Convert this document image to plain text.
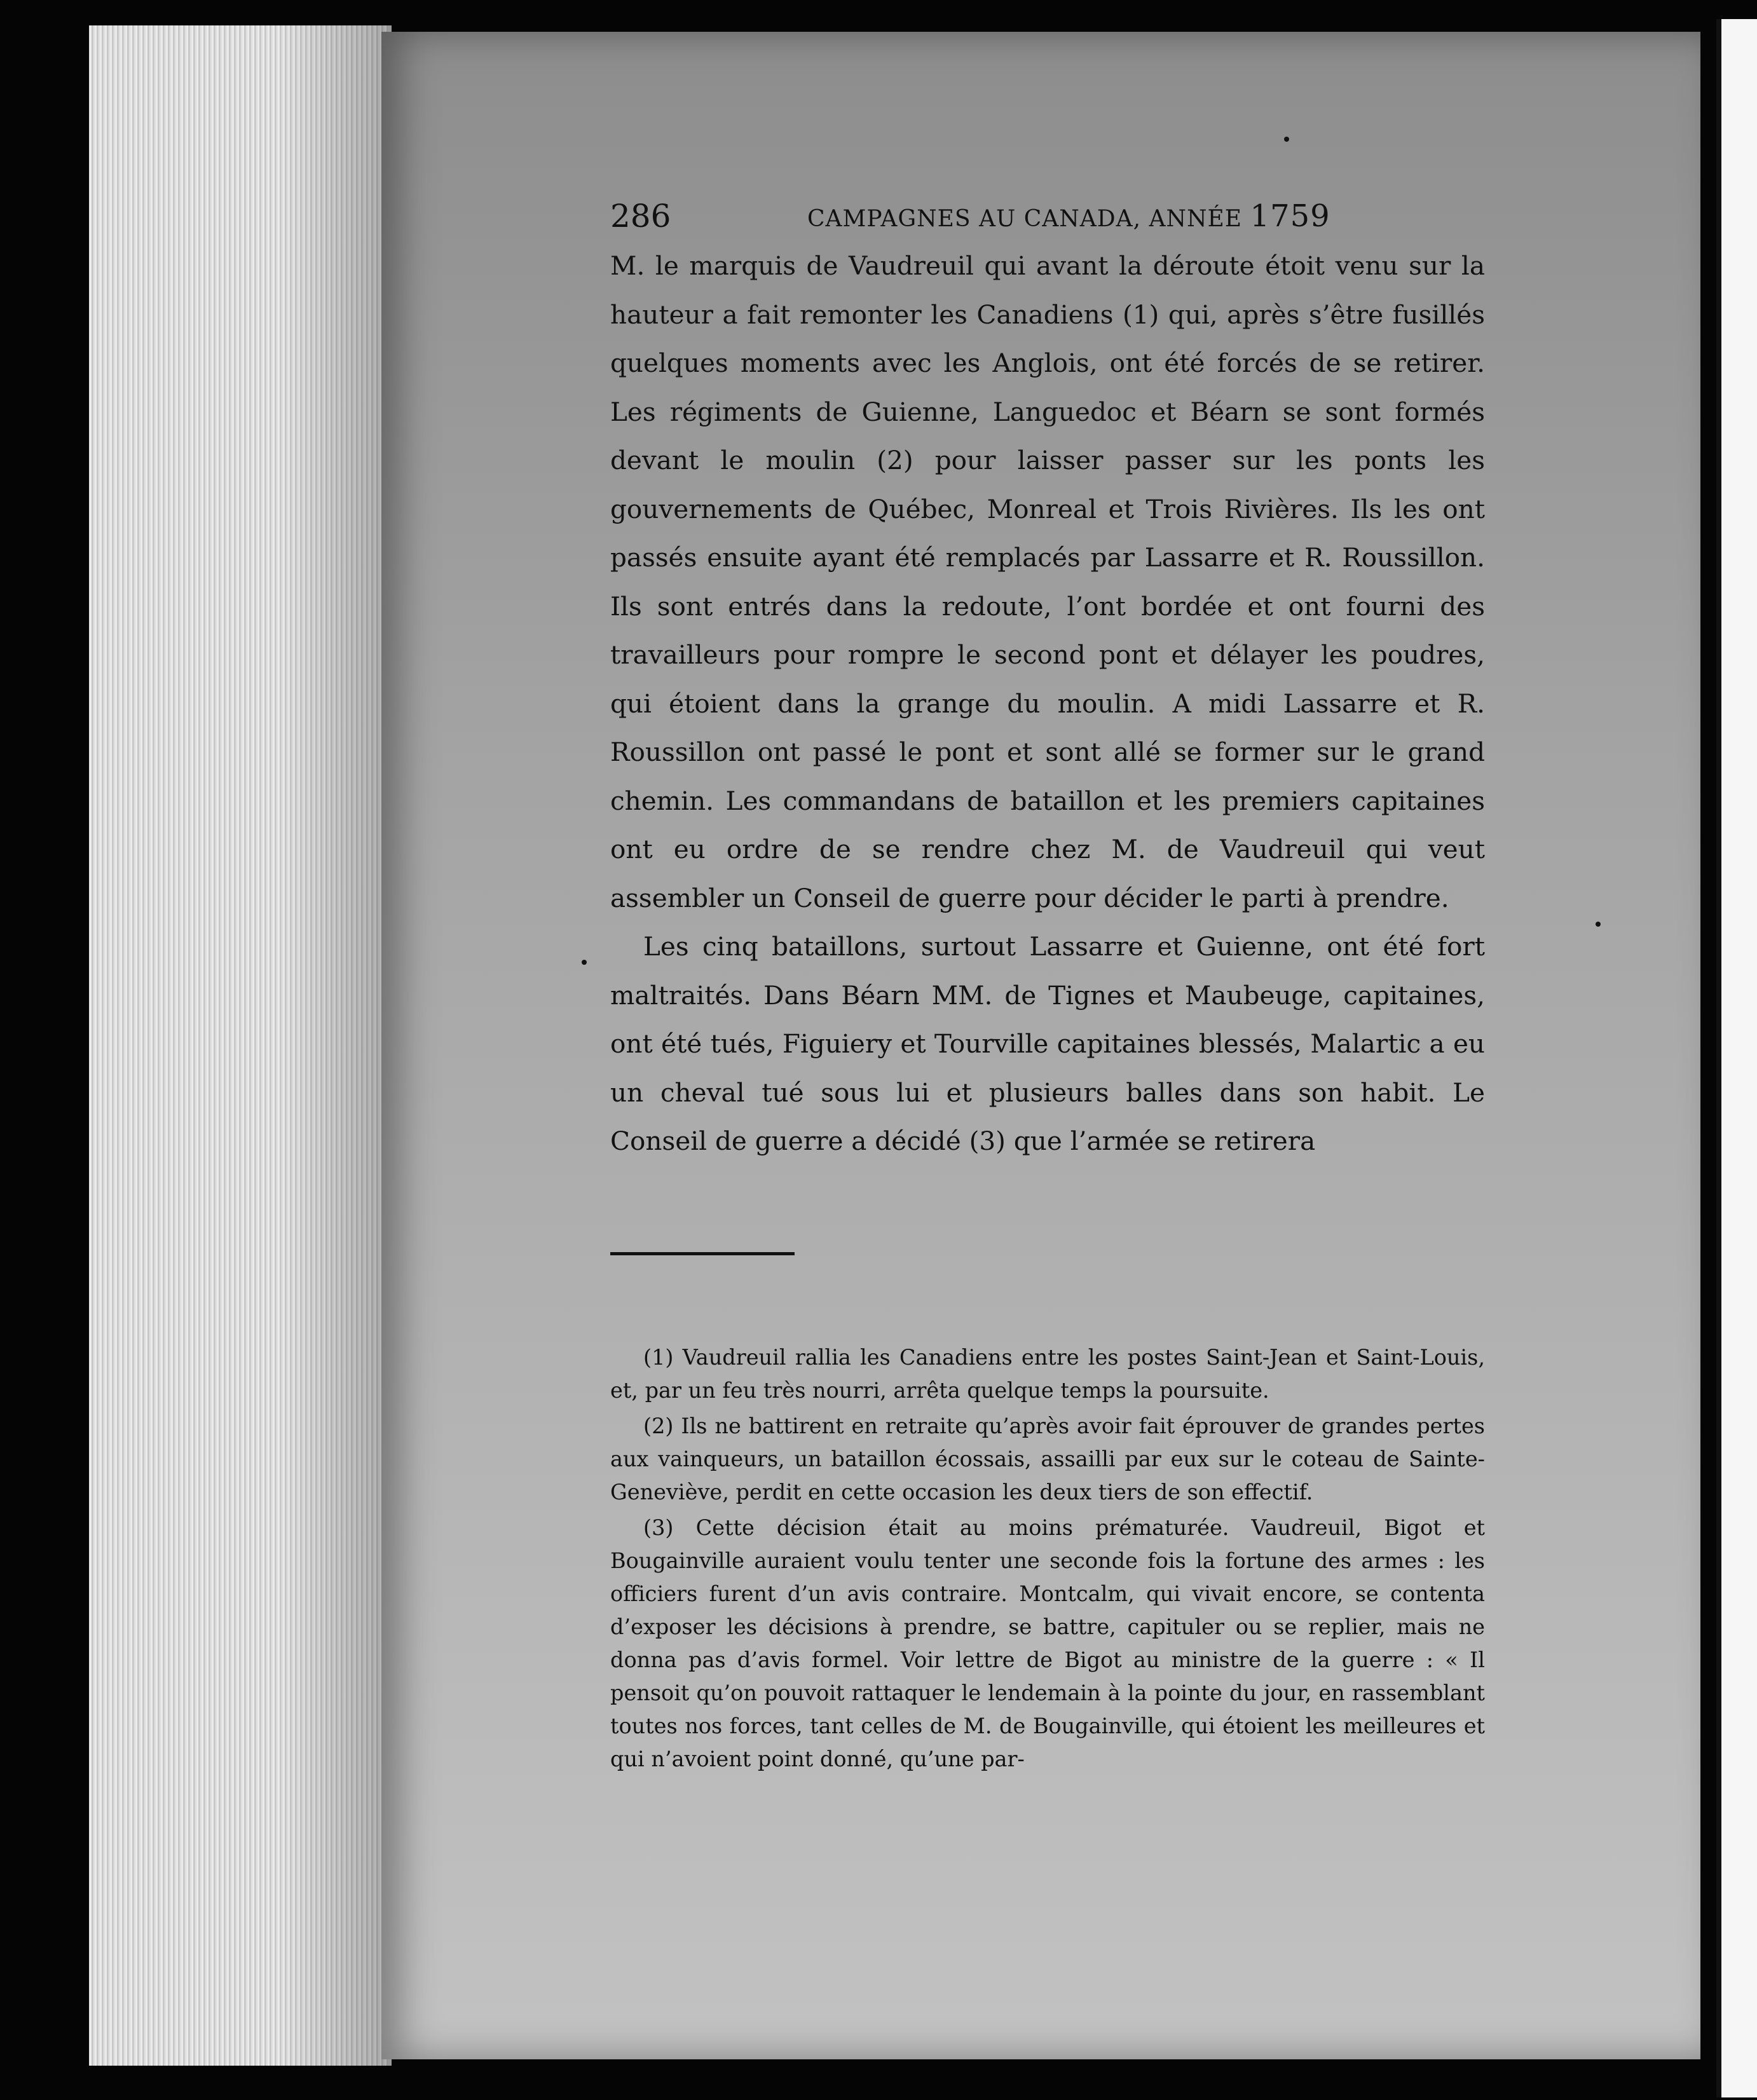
286	CAMPAGNES AU CANADA, ANNÉE 1759

M. le marquis de Vaudreuil qui avant la déroute étoit venu sur la hauteur a fait remonter les Canadiens (1) qui, après s’être fusillés quelques moments avec les Anglois, ont été forcés de se retirer. Les régiments de Guienne, Languedoc et Béarn se sont formés devant le moulin (2) pour laisser passer sur les ponts les gouvernements de Québec, Monreal et Trois Rivières. Ils les ont passés ensuite ayant été remplacés par Lassarre et R. Roussillon. Ils sont entrés dans la redoute, l’ont bordée et ont fourni des travailleurs pour rompre le second pont et délayer les poudres, qui étoient dans la grange du moulin. A midi Lassarre et R. Roussillon ont passé le pont et sont allé se former sur le grand chemin. Les commandans de bataillon et les premiers capitaines ont eu ordre de se rendre chez M. de Vaudreuil qui veut assembler un Conseil de guerre pour décider le parti à prendre.

Les cinq bataillons, surtout Lassarre et Guienne, ont été fort maltraités. Dans Béarn MM. de Tignes et Maubeuge, capitaines, ont été tués, Figuiery et Tourville capitaines blessés, Malartic a eu un cheval tué sous lui et plusieurs balles dans son habit. Le Conseil de guerre a décidé (3) que l’armée se retirera

(1) Vaudreuil rallia les Canadiens entre les postes Saint-Jean et Saint-Louis, et, par un feu très nourri, arrêta quelque temps la poursuite.

(2) Ils ne battirent en retraite qu’après avoir fait éprouver de grandes pertes aux vainqueurs, un bataillon écossais, assailli par eux sur le coteau de Sainte-Geneviève, perdit en cette occasion les deux tiers de son effectif.

(3) Cette décision était au moins prématurée. Vaudreuil, Bigot et Bougainville auraient voulu tenter une seconde fois la fortune des armes : les officiers furent d’un avis contraire. Montcalm, qui vivait encore, se contenta d’exposer les décisions à prendre, se battre, capituler ou se replier, mais ne donna pas d’avis formel. Voir lettre de Bigot au ministre de la guerre : « Il pensoit qu’on pouvoit rattaquer le lendemain à la pointe du jour, en rassemblant toutes nos forces, tant celles de M. de Bougainville, qui étoient les meilleures et qui n’avoient point donné, qu’une par-
